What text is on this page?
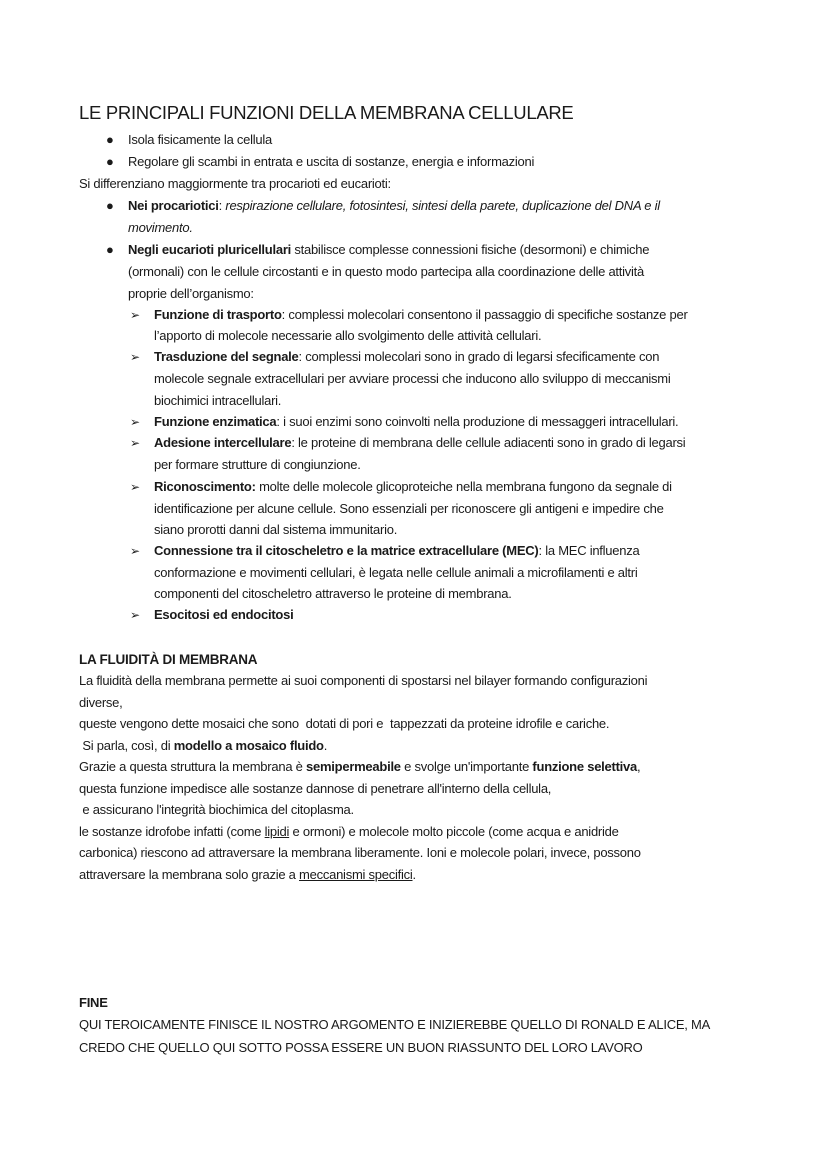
LE PRINCIPALI FUNZIONI DELLA MEMBRANA CELLULARE
● Isola fisicamente la cellula
● Regolare gli scambi in entrata e uscita di sostanze, energia e informazioni
Si differenziano maggiormente tra procarioti ed eucarioti:
● Nei procariotici: respirazione cellulare, fotosintesi, sintesi della parete, duplicazione del DNA e il
movimento.
● Negli eucarioti pluricellulari stabilisce complesse connessioni fisiche (desormoni) e chimiche
(ormonali) con le cellule circostanti e in questo modo partecipa alla coordinazione delle attività
proprie dell’organismo:
➢ Funzione di trasporto: complessi molecolari consentono il passaggio di specifiche sostanze per
l’apporto di molecole necessarie allo svolgimento delle attività cellulari.
➢ Trasduzione del segnale: complessi molecolari sono in grado di legarsi sfecificamente con
molecole segnale extracellulari per avviare processi che inducono allo sviluppo di meccanismi
biochimici intracellulari.
➢ Funzione enzimatica: i suoi enzimi sono coinvolti nella produzione di messaggeri intracellulari.
➢ Adesione intercellulare: le proteine di membrana delle cellule adiacenti sono in grado di legarsi
per formare strutture di congiunzione.
➢ Riconoscimento: molte delle molecole glicoproteiche nella membrana fungono da segnale di
identificazione per alcune cellule. Sono essenziali per riconoscere gli antigeni e impedire che
siano prorotti danni dal sistema immunitario.
➢ Connessione tra il citoscheletro e la matrice extracellulare (MEC): la MEC influenza
conformazione e movimenti cellulari, è legata nelle cellule animali a microfilamenti e altri
componenti del citoscheletro attraverso le proteine di membrana.
➢ Esocitosi ed endocitosi
LA FLUIDITÀ DI MEMBRANA
La fluidità della membrana permette ai suoi componenti di spostarsi nel bilayer formando configurazioni
diverse,
queste vengono dette mosaici che sono  dotati di pori e  tappezzati da proteine idrofile e cariche.
Si parla, così, di modello a mosaico fluido.
Grazie a questa struttura la membrana è semipermeabile e svolge un'importante funzione selettiva,
questa funzione impedisce alle sostanze dannose di penetrare all'interno della cellula,
e assicurano l'integrità biochimica del citoplasma.
le sostanze idrofobe infatti (come lipidi e ormoni) e molecole molto piccole (come acqua e anidride
carbonica) riescono ad attraversare la membrana liberamente. Ioni e molecole polari, invece, possono
attraversare la membrana solo grazie a meccanismi specifici.
FINE
QUI TEROICAMENTE FINISCE IL NOSTRO ARGOMENTO E INIZIEREBBE QUELLO DI RONALD E ALICE, MA
CREDO CHE QUELLO QUI SOTTO POSSA ESSERE UN BUON RIASSUNTO DEL LORO LAVORO
